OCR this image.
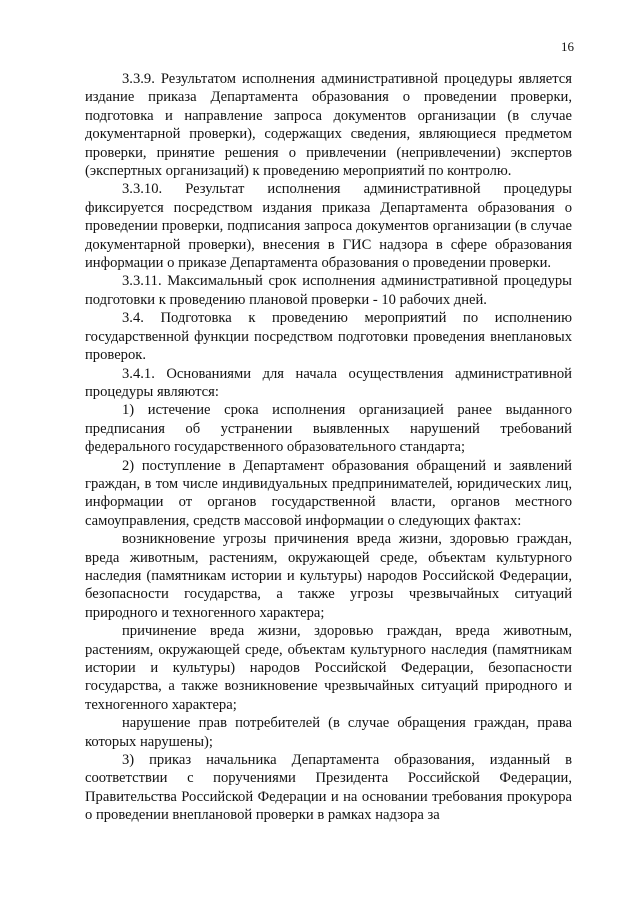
16

3.3.9. Результатом исполнения административной процедуры является издание приказа Департамента образования о проведении проверки, подготовка и направление запроса документов организации (в случае документарной проверки), содержащих сведения, являющиеся предметом проверки, принятие решения о привлечении (непривлечении) экспертов (экспертных организаций) к проведению мероприятий по контролю.

3.3.10. Результат исполнения административной процедуры фиксируется посредством издания приказа Департамента образования о проведении проверки, подписания запроса документов организации (в случае документарной проверки), внесения в ГИС надзора в сфере образования информации о приказе Департамента образования о проведении проверки.

3.3.11. Максимальный срок исполнения административной процедуры подготовки к проведению плановой проверки - 10 рабочих дней.

3.4. Подготовка к проведению мероприятий по исполнению государственной функции посредством подготовки проведения внеплановых проверок.

3.4.1. Основаниями для начала осуществления административной процедуры являются:

1) истечение срока исполнения организацией ранее выданного предписания об устранении выявленных нарушений требований федерального государственного образовательного стандарта;

2) поступление в Департамент образования обращений и заявлений граждан, в том числе индивидуальных предпринимателей, юридических лиц, информации от органов государственной власти, органов местного самоуправления, средств массовой информации о следующих фактах:

возникновение угрозы причинения вреда жизни, здоровью граждан, вреда животным, растениям, окружающей среде, объектам культурного наследия (памятникам истории и культуры) народов Российской Федерации, безопасности государства, а также угрозы чрезвычайных ситуаций природного и техногенного характера;

причинение вреда жизни, здоровью граждан, вреда животным, растениям, окружающей среде, объектам культурного наследия (памятникам истории и культуры) народов Российской Федерации, безопасности государства, а также возникновение чрезвычайных ситуаций природного и техногенного характера;

нарушение прав потребителей (в случае обращения граждан, права которых нарушены);

3) приказ начальника Департамента образования, изданный в соответствии с поручениями Президента Российской Федерации, Правительства Российской Федерации и на основании требования прокурора о проведении внеплановой проверки в рамках надзора за
